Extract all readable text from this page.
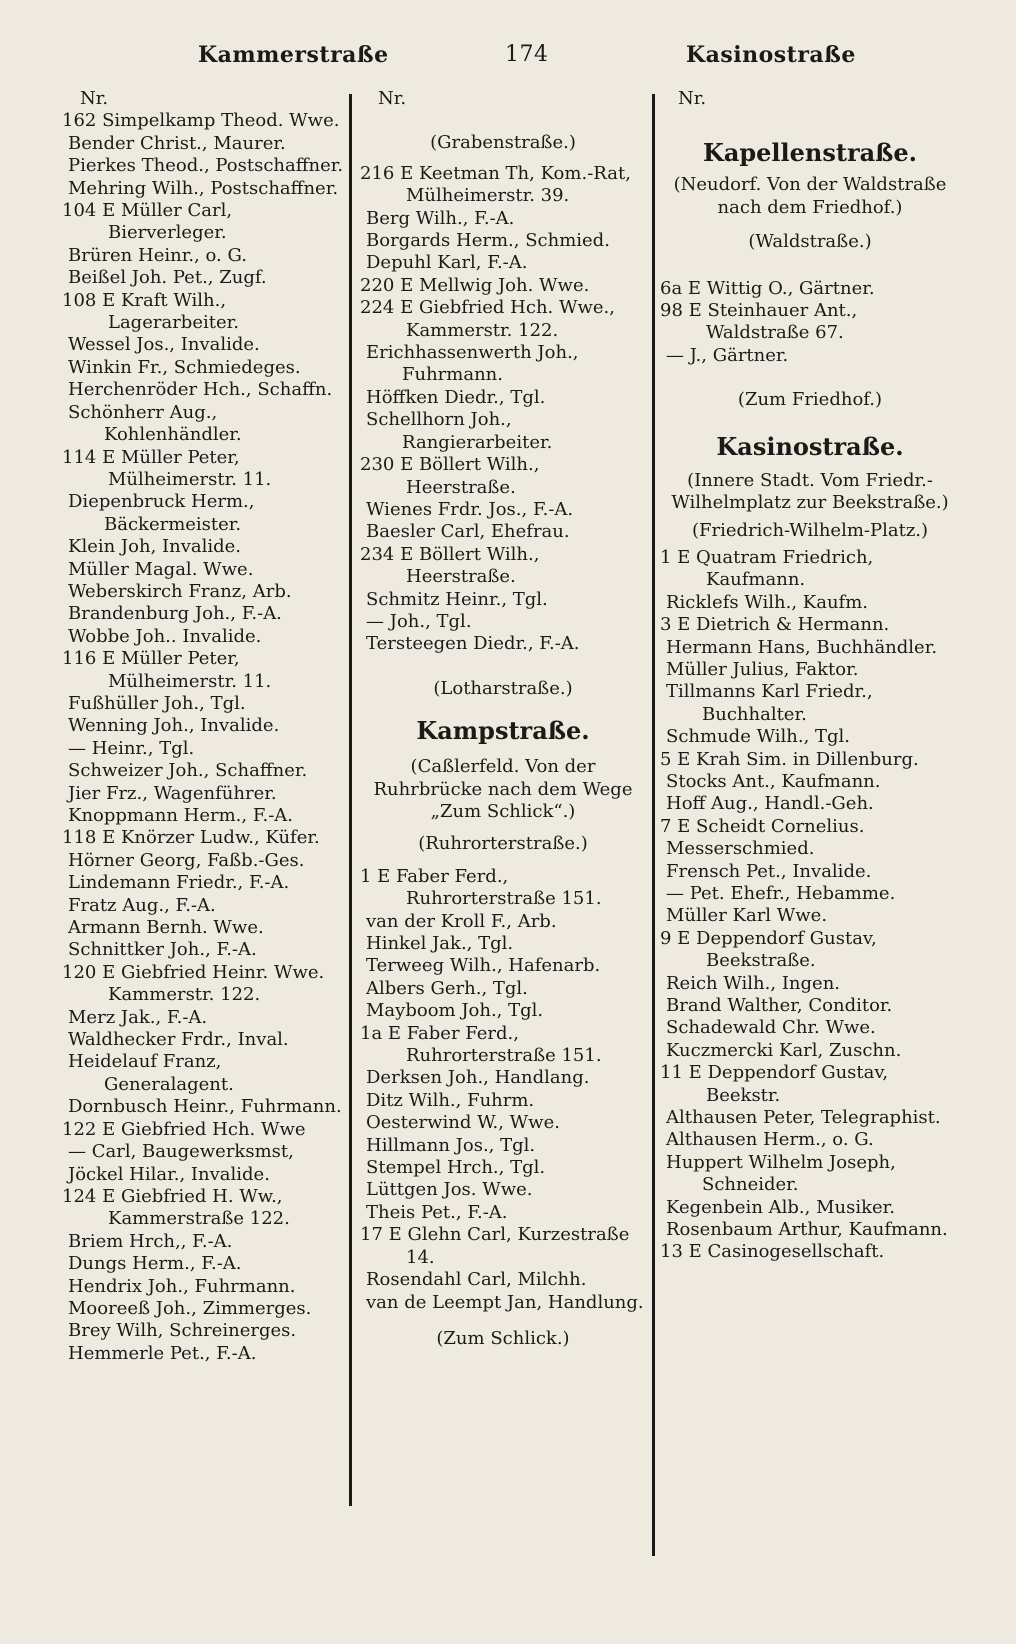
Kammerstraße	174	Kasinostraße

Nr.

162 Simpelkamp Theod. Wwe.

Bender Christ., Maurer.

Pierkes Theod., Postschaffner.

Mehring Wilh., Postschaffner.

104 E Müller Carl, Bierverleger.

Brüren Heinr., o. G.

Beißel Joh. Pet., Zugf.

108 E Kraft Wilh., Lagerarbeiter.

Wessel Jos., Invalide.

Winkin Fr., Schmiedeges.

Herchenröder Hch., Schaffn.

Schönherr Aug., Kohlenhändler.

114 E Müller Peter, Mülheimerstr. 11.

Diepenbruck Herm., Bäckermeister.

Klein Joh, Invalide.

Müller Magal. Wwe.

Weberskirch Franz, Arb.

Brandenburg Joh., F.-A.

Wobbe Joh.. Invalide.

116 E Müller Peter, Mülheimerstr. 11.

Fußhüller Joh., Tgl.

Wenning Joh., Invalide.

— Heinr., Tgl.

Schweizer Joh., Schaffner.

Jier Frz., Wagenführer.

Knoppmann Herm., F.-A.

118 E Knörzer Ludw., Küfer.

Hörner Georg, Faßb.-Ges.

Lindemann Friedr., F.-A.

Fratz Aug., F.-A.

Armann Bernh. Wwe.

Schnittker Joh., F.-A.

120 E Giebfried Heinr. Wwe. Kammerstr. 122.

Merz Jak., F.-A.

Waldhecker Frdr., Inval.

Heidelauf Franz, Generalagent.

Dornbusch Heinr., Fuhrmann.

122 E Giebfried Hch. Wwe

— Carl, Baugewerksmst,

Jöckel Hilar., Invalide.

124 E Giebfried H. Ww., Kammerstraße 122.

Briem Hrch,, F.-A.

Dungs Herm., F.-A.

Hendrix Joh., Fuhrmann.

Mooreeß Joh., Zimmerges.

Brey Wilh, Schreinerges.

Hemmerle Pet., F.-A.

Nr.

(Grabenstraße.)

216 E Keetman Th, Kom.-Rat, Mülheimerstr. 39.

Berg Wilh., F.-A.

Borgards Herm., Schmied.

Depuhl Karl, F.-A.

220 E Mellwig Joh. Wwe.

224 E Giebfried Hch. Wwe., Kammerstr. 122.

Erichhassenwerth Joh., Fuhrmann.

Höffken Diedr., Tgl.

Schellhorn Joh., Rangierarbeiter.

230 E Böllert Wilh., Heerstraße.

Wienes Frdr. Jos., F.-A.

Baesler Carl, Ehefrau.

234 E Böllert Wilh., Heerstraße.

Schmitz Heinr., Tgl.

— Joh., Tgl.

Tersteegen Diedr., F.-A.

(Lotharstraße.)

Kampstraße.

(Caßlerfeld. Von der Ruhrbrücke nach dem Wege „Zum Schlick“.)

(Ruhrorterstraße.)

1 E Faber Ferd., Ruhrorterstraße 151.

van der Kroll F., Arb.

Hinkel Jak., Tgl.

Terweeg Wilh., Hafenarb.

Albers Gerh., Tgl.

Mayboom Joh., Tgl.

1a E Faber Ferd., Ruhrorterstraße 151.

Derksen Joh., Handlang.

Ditz Wilh., Fuhrm.

Oesterwind W., Wwe.

Hillmann Jos., Tgl.

Stempel Hrch., Tgl.

Lüttgen Jos. Wwe.

Theis Pet., F.-A.

17 E Glehn Carl, Kurzestraße 14.

Rosendahl Carl, Milchh.

van de Leempt Jan, Handlung.

(Zum Schlick.)

Nr.

Kapellenstraße.

(Neudorf. Von der Waldstraße nach dem Friedhof.)

(Waldstraße.)

6a E Wittig O., Gärtner.

98 E Steinhauer Ant., Waldstraße 67.

— J., Gärtner.

(Zum Friedhof.)

Kasinostraße.

(Innere Stadt. Vom Friedr.-Wilhelmplatz zur Beekstraße.)

(Friedrich-Wilhelm-Platz.)

1 E Quatram Friedrich, Kaufmann.

Ricklefs Wilh., Kaufm.

3 E Dietrich & Hermann.

Hermann Hans, Buchhändler.

Müller Julius, Faktor.

Tillmanns Karl Friedr., Buchhalter.

Schmude Wilh., Tgl.

5 E Krah Sim. in Dillenburg.

Stocks Ant., Kaufmann.

Hoff Aug., Handl.-Geh.

7 E Scheidt Cornelius.

Messerschmied.

Frensch Pet., Invalide.

— Pet. Ehefr., Hebamme.

Müller Karl Wwe.

9 E Deppendorf Gustav, Beekstraße.

Reich Wilh., Ingen.

Brand Walther, Conditor.

Schadewald Chr. Wwe.

Kuczmercki Karl, Zuschn.

11 E Deppendorf Gustav, Beekstr.

Althausen Peter, Telegraphist.

Althausen Herm., o. G.

Huppert Wilhelm Joseph, Schneider.

Kegenbein Alb., Musiker.

Rosenbaum Arthur, Kaufmann.

13 E Casinogesellschaft.
